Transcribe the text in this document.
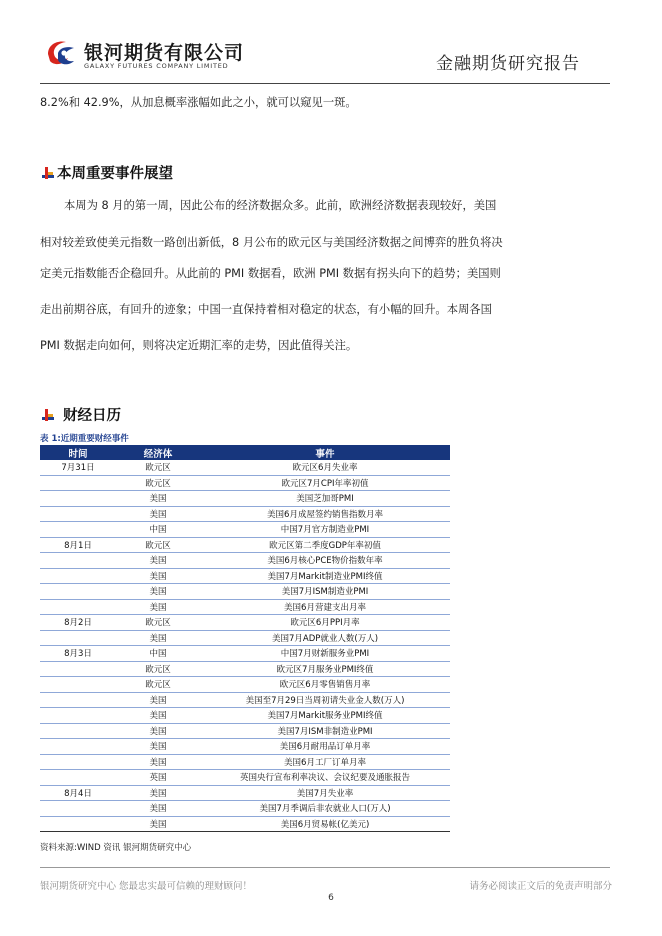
银河期货有限公司
GALAXY FUTURES COMPANY LIMITED	金融期货研究报告
8.2%和 42.9%，从加息概率涨幅如此之小，就可以窥见一斑。
本周重要事件展望
本周为 8 月的第一周，因此公布的经济数据众多。此前，欧洲经济数据表现较好，美国
相对较差致使美元指数一路创出新低，8 月公布的欧元区与美国经济数据之间博弈的胜负将决
定美元指数能否企稳回升。从此前的 PMI 数据看，欧洲 PMI 数据有拐头向下的趋势；美国则
走出前期谷底，有回升的迹象；中国一直保持着相对稳定的状态，有小幅的回升。本周各国
PMI 数据走向如何，则将决定近期汇率的走势，因此值得关注。
财经日历
表 1:近期重要财经事件
时间	经济体	事件
7月31日	欧元区	欧元区6月失业率
	欧元区	欧元区7月CPI年率初值
	美国	美国芝加哥PMI
	美国	美国6月成屋签约销售指数月率
	中国	中国7月官方制造业PMI
8月1日	欧元区	欧元区第二季度GDP年率初值
	美国	美国6月核心PCE物价指数年率
	美国	美国7月Markit制造业PMI终值
	美国	美国7月ISM制造业PMI
	美国	美国6月营建支出月率
8月2日	欧元区	欧元区6月PPI月率
	美国	美国7月ADP就业人数(万人)
8月3日	中国	中国7月财新服务业PMI
	欧元区	欧元区7月服务业PMI终值
	欧元区	欧元区6月零售销售月率
	美国	美国至7月29日当周初请失业金人数(万人)
	美国	美国7月Markit服务业PMI终值
	美国	美国7月ISM非制造业PMI
	美国	美国6月耐用品订单月率
	美国	美国6月工厂订单月率
	英国	英国央行宣布利率决议、会议纪要及通胀报告
8月4日	美国	美国7月失业率
	美国	美国7月季调后非农就业人口(万人)
	美国	美国6月贸易帐(亿美元)
资料来源:WIND 资讯 银河期货研究中心
银河期货研究中心 您最忠实最可信赖的理财顾问！	请务必阅读正文后的免责声明部分
6
